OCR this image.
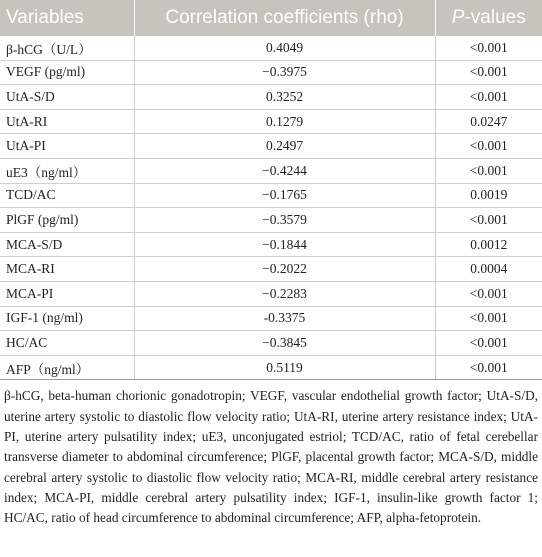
Variables	Correlation coefficients (rho)	P-values
β-hCG（U/L）	0.4049	<0.001
VEGF (pg/ml)	−0.3975	<0.001
UtA-S/D	0.3252	<0.001
UtA-RI	0.1279	0.0247
UtA-PI	0.2497	<0.001
uE3（ng/ml）	−0.4244	<0.001
TCD/AC	−0.1765	0.0019
PlGF (pg/ml)	−0.3579	<0.001
MCA-S/D	−0.1844	0.0012
MCA-RI	−0.2022	0.0004
MCA-PI	−0.2283	<0.001
IGF-1 (ng/ml)	-0.3375	<0.001
HC/AC	−0.3845	<0.001
AFP（ng/ml）	0.5119	<0.001

β-hCG, beta-human chorionic gonadotropin; VEGF, vascular endothelial growth factor; UtA-S/D, uterine artery systolic to diastolic flow velocity ratio; UtA-RI, uterine artery resistance index; UtA-PI, uterine artery pulsatility index; uE3, unconjugated estriol; TCD/AC, ratio of fetal cerebellar transverse diameter to abdominal circumference; PlGF, placental growth factor; MCA-S/D, middle cerebral artery systolic to diastolic flow velocity ratio; MCA-RI, middle cerebral artery resistance index; MCA-PI, middle cerebral artery pulsatility index; IGF-1, insulin-like growth factor 1; HC/AC, ratio of head circumference to abdominal circumference; AFP, alpha-fetoprotein.
